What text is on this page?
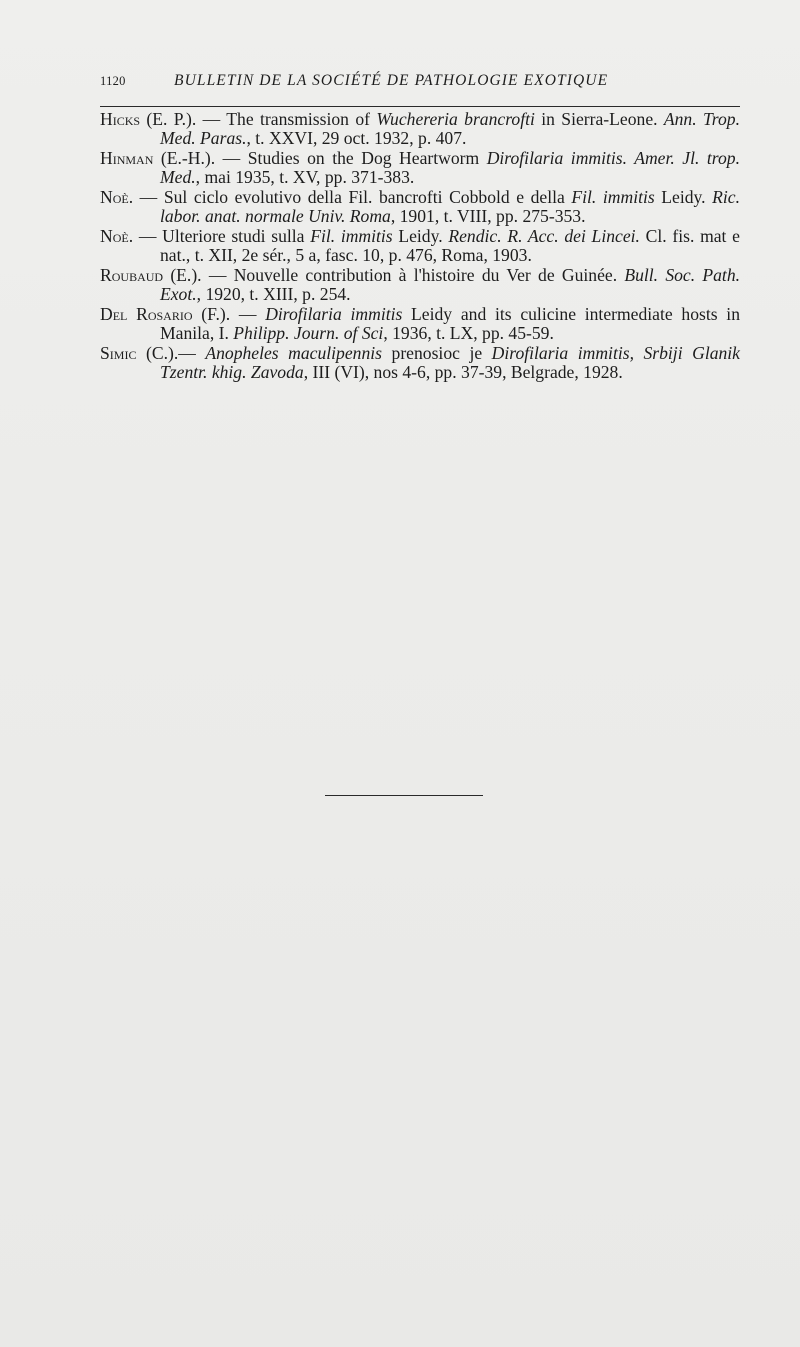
1120	BULLETIN DE LA SOCIÉTÉ DE PATHOLOGIE EXOTIQUE

Hicks (E. P.). — The transmission of Wuchereria brancrofti in Sierra-Leone. Ann. Trop. Med. Paras., t. XXVI, 29 oct. 1932, p. 407.

Hinman (E.-H.). — Studies on the Dog Heartworm Dirofilaria immitis. Amer. Jl. trop. Med., mai 1935, t. XV, pp. 371-383.

Noè. — Sul ciclo evolutivo della Fil. bancrofti Cobbold e della Fil. immitis Leidy. Ric. labor. anat. normale Univ. Roma, 1901, t. VIII, pp. 275-353.

Noè. — Ulteriore studi sulla Fil. immitis Leidy. Rendic. R. Acc. dei Lincei. Cl. fis. mat e nat., t. XII, 2e sér., 5 a, fasc. 10, p. 476, Roma, 1903.

Roubaud (E.). — Nouvelle contribution à l'histoire du Ver de Guinée. Bull. Soc. Path. Exot., 1920, t. XIII, p. 254.

Del Rosario (F.). — Dirofilaria immitis Leidy and its culicine intermediate hosts in Manila, I. Philipp. Journ. of Sci, 1936, t. LX, pp. 45-59.

Simic (C.).— Anopheles maculipennis prenosioc je Dirofilaria immitis, Srbiji Glanik Tzentr. khig. Zavoda, III (VI), nos 4-6, pp. 37-39, Belgrade, 1928.
